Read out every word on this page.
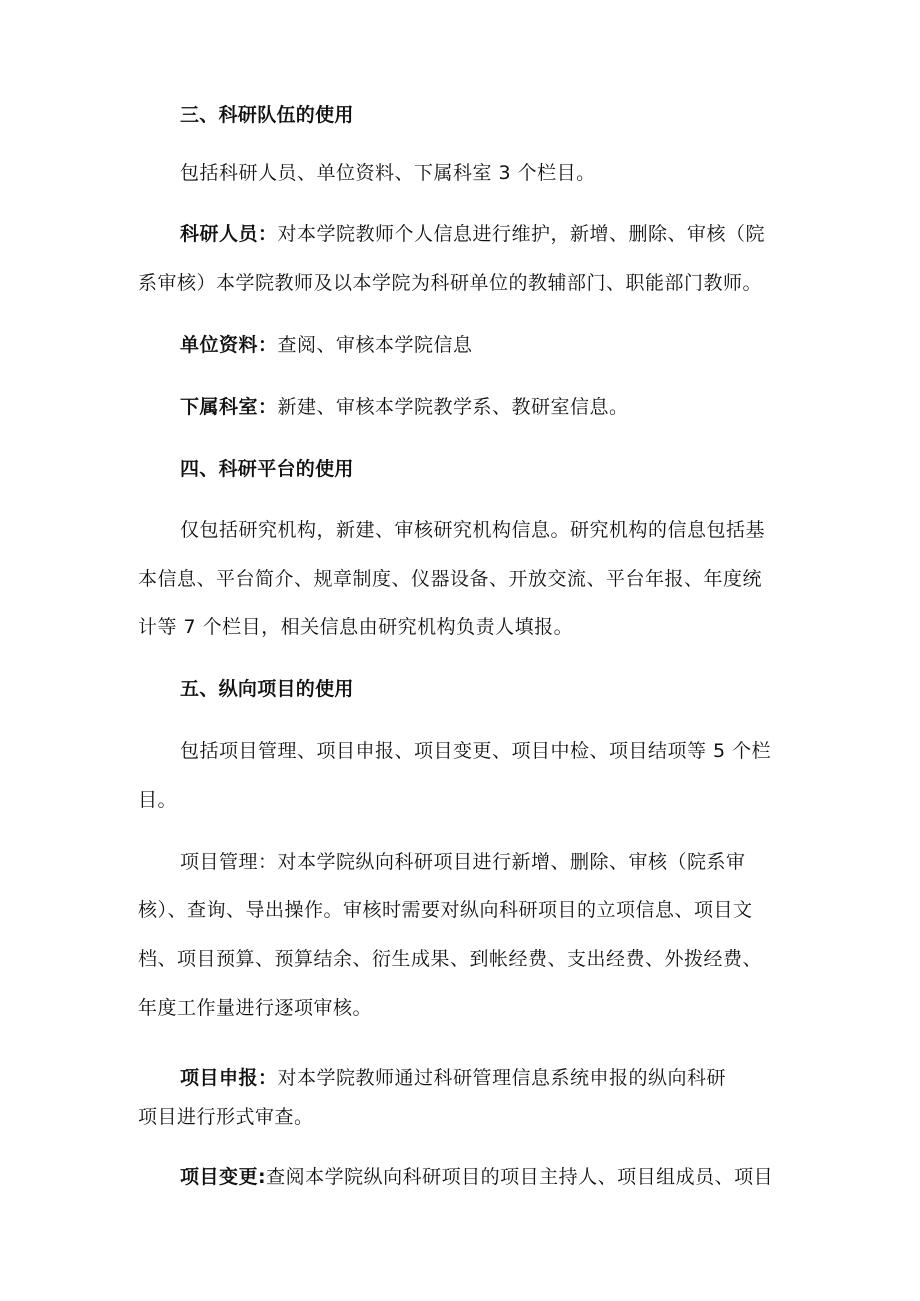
三、科研队伍的使用
包括科研人员、单位资料、下属科室 3 个栏目。
科研人员：对本学院教师个人信息进行维护，新增、删除、审核（院
系审核）本学院教师及以本学院为科研单位的教辅部门、职能部门教师。
单位资料：查阅、审核本学院信息
下属科室：新建、审核本学院教学系、教研室信息。
四、科研平台的使用
仅包括研究机构，新建、审核研究机构信息。研究机构的信息包括基
本信息、平台简介、规章制度、仪器设备、开放交流、平台年报、年度统
计等 7 个栏目，相关信息由研究机构负责人填报。
五、纵向项目的使用
包括项目管理、项目申报、项目变更、项目中检、项目结项等 5 个栏
目。
项目管理：对本学院纵向科研项目进行新增、删除、审核（院系审
核）、查询、导出操作。审核时需要对纵向科研项目的立项信息、项目文
档、项目预算、预算结余、衍生成果、到帐经费、支出经费、外拨经费、
年度工作量进行逐项审核。
项目申报：对本学院教师通过科研管理信息系统申报的纵向科研
项目进行形式审查。
项目变更:查阅本学院纵向科研项目的项目主持人、项目组成员、项目
